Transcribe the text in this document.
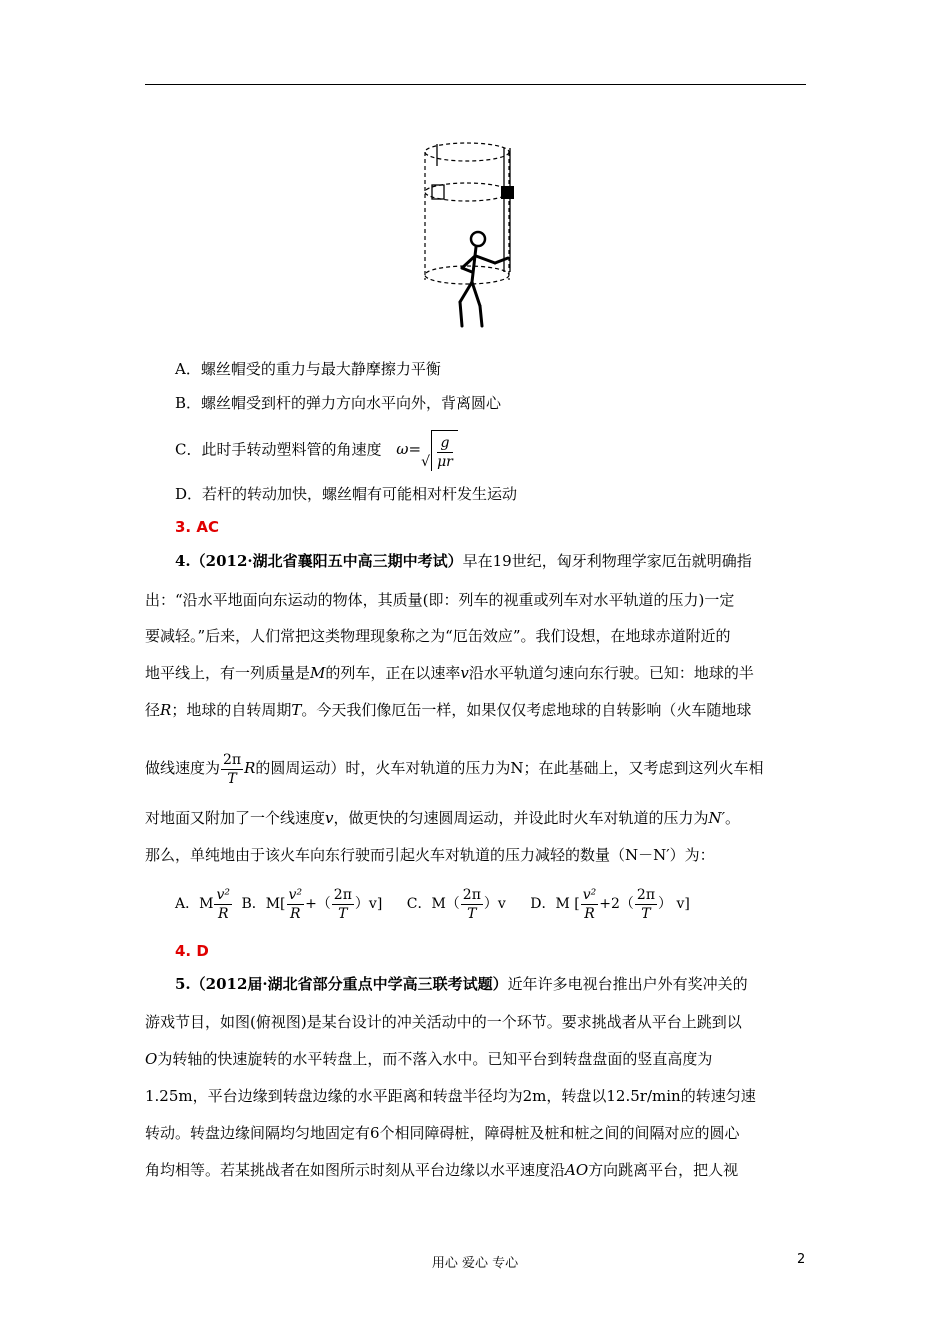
A．螺丝帽受的重力与最大静摩擦力平衡
B．螺丝帽受到杆的弹力方向水平向外，背离圆心
C．此时手转动塑料管的角速度 ω=
√ $\frac{g}{\mu r}$
D．若杆的转动加快，螺丝帽有可能相对杆发生运动
3. AC
4.（2012·湖北省襄阳五中高三期中考试）早在19世纪，匈牙利物理学家厄缶就明确指
出：“沿水平地面向东运动的物体，其质量(即：列车的视重或列车对水平轨道的压力)一定
要减轻。”后来，人们常把这类物理现象称之为“厄缶效应”。我们设想，在地球赤道附近的
地平线上，有一列质量是M的列车，正在以速率v沿水平轨道匀速向东行驶。已知：地球的半
径R；地球的自转周期T。今天我们像厄缶一样，如果仅仅考虑地球的自转影响（火车随地球
做线速度为 $\frac{2\pi}{T}$ R的圆周运动）时，火车对轨道的压力为N；在此基础上，又考虑到这列火车相
对地面又附加了一个线速度v，做更快的匀速圆周运动，并设此时火车对轨道的压力为N′。
那么，单纯地由于该火车向东行驶而引起火车对轨道的压力减轻的数量（N－N′）为：
A．M $\frac{\text{v²}}{R}$ B．$M[ \frac{\text{v²}}{R}$ +（ $\frac{2\pi}{T} )v$] C．$M( \frac{2\pi}{T} )v$ D．M [ $\frac{\text{v²}}{R} +2( \frac{2\pi}{T}$ ） v]
4. D
5.（2012届·湖北省部分重点中学高三联考试题）近年许多电视台推出户外有奖冲关的
游戏节目，如图(俯视图)是某台设计的冲关活动中的一个环节。要求挑战者从平台上跳到以
O为转轴的快速旋转的水平转盘上，而不落入水中。已知平台到转盘盘面的竖直高度为
1.25m，平台边缘到转盘边缘的水平距离和转盘半径均为2m，转盘以12.5r/min的转速匀速
转动。转盘边缘间隔均匀地固定有6个相同障碍桩，障碍桩及桩和桩之间的间隔对应的圆心
角均相等。若某挑战者在如图所示时刻从平台边缘以水平速度沿AO方向跳离平台，把人视
用心 爱心 专心	2
